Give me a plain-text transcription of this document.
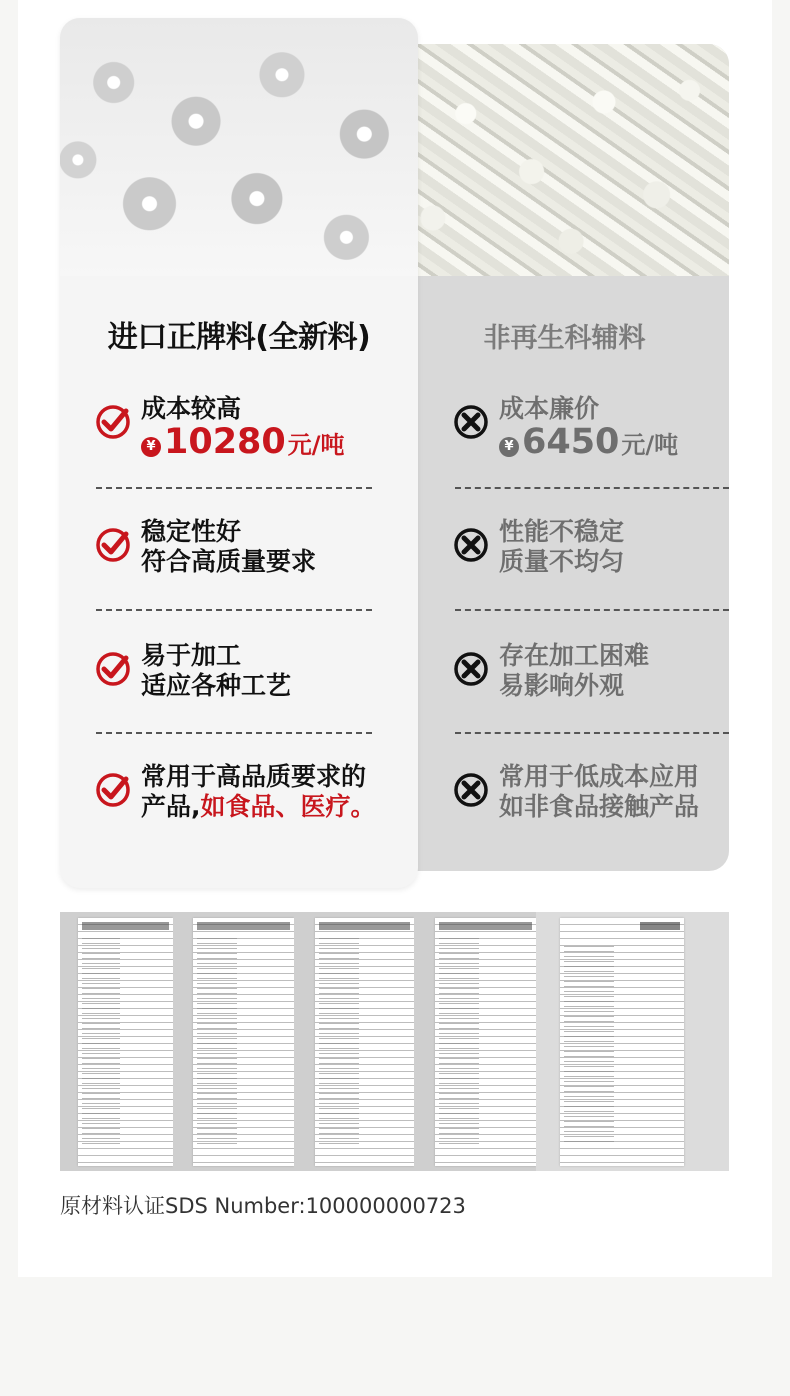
非再生科辅料
进口正牌料(全新料)
成本较高
¥ 10280 元/吨
稳定性好
符合高质量要求
易于加工
适应各种工艺
常用于高品质要求的
产品,如食品、医疗。
成本廉价
¥ 6450 元/吨
性能不稳定
质量不均匀
存在加工困难
易影响外观
常用于低成本应用
如非食品接触产品
原材料认证SDS Number:100000000723
